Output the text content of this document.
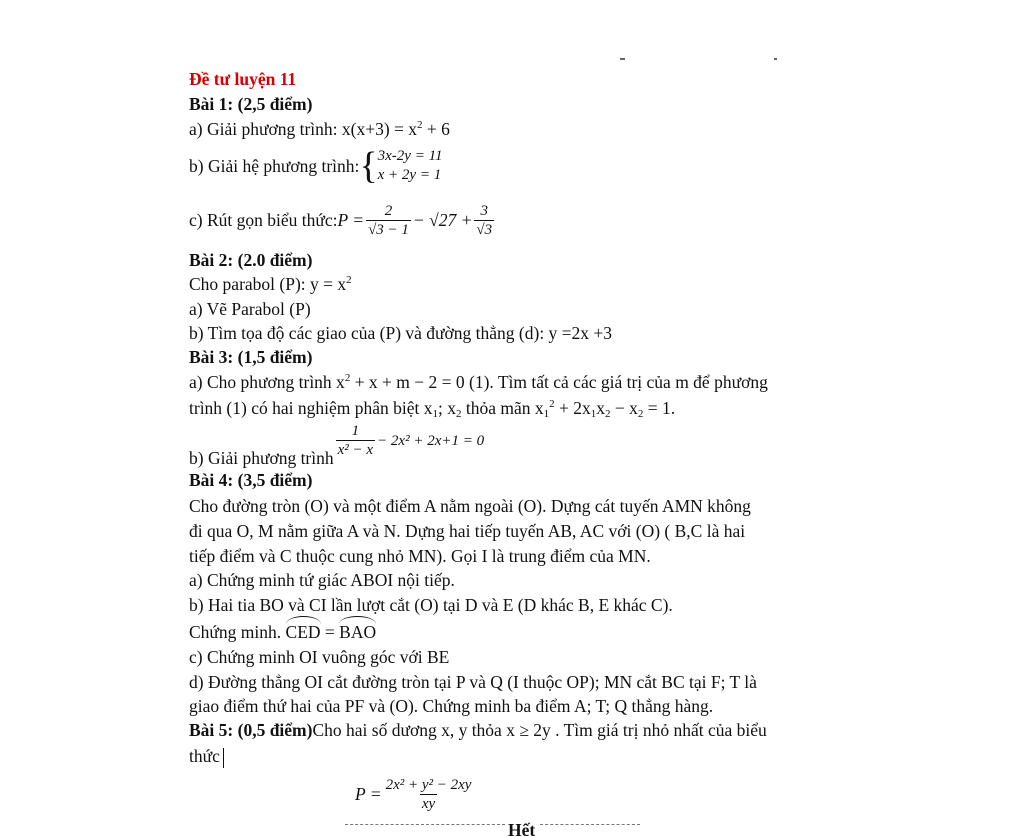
Đề tư luyện 11
Bài 1: (2,5 điểm)
a) Giải phương trình: $x(x+3) = x^2 + 6$
b) Giải hệ phương trình: { 3x-2y = 11
x + 2y = 1
c) Rút gọn biểu thức: $P = \frac{2}{√3 - 1} - √27 + \frac{3}{√3}$
Bài 2: (2.0 điểm)
Cho parabol (P): $y = x^2$
a) Vẽ Parabol (P)
b) Tìm tọa độ các giao của (P) và đường thẳng (d): y =2x +3
Bài 3: (1,5 điểm)
a) Cho phương trình $x^2 + x + m - 2 = 0$ (1). Tìm tất cả các giá trị của m để phương
trình (1) có hai nghiệm phân biệt $x_1$; $x_2$ thỏa mãn $x_1^2 + 2x_1x_2 - x_2 = 1$.
b) Giải phương trình $\frac{1}{\text{x² − x}} - 2x^2 + 2x+1 = 0$
Bài 4: (3,5 điểm)
Cho đường tròn (O) và một điểm A nằm ngoài (O). Dựng cát tuyến AMN không
đi qua O, M nằm giữa A và N. Dựng hai tiếp tuyến AB, AC với (O) ( B,C là hai
tiếp điểm và C thuộc cung nhỏ MN). Gọi I là trung điểm của MN.
a) Chứng minh tứ giác ABOI nội tiếp.
b) Hai tia BO và CI lần lượt cắt (O) tại D và E (D khác B, E khác C).
Chứng minh. CED = BAO
c) Chứng minh OI vuông góc với BE
d) Đường thẳng OI cắt đường tròn tại P và Q (I thuộc OP); MN cắt BC tại F; T là
giao điểm thứ hai của PF và (O). Chứng minh ba điểm A; T; Q thẳng hàng.
Bài 5: (0,5 điểm)Cho hai số dương x, y thỏa x ≥ 2y . Tìm giá trị nhỏ nhất của biểu
thức
$P = \frac{\text{2x² + y² − 2xy}}{xy}$
Hết
